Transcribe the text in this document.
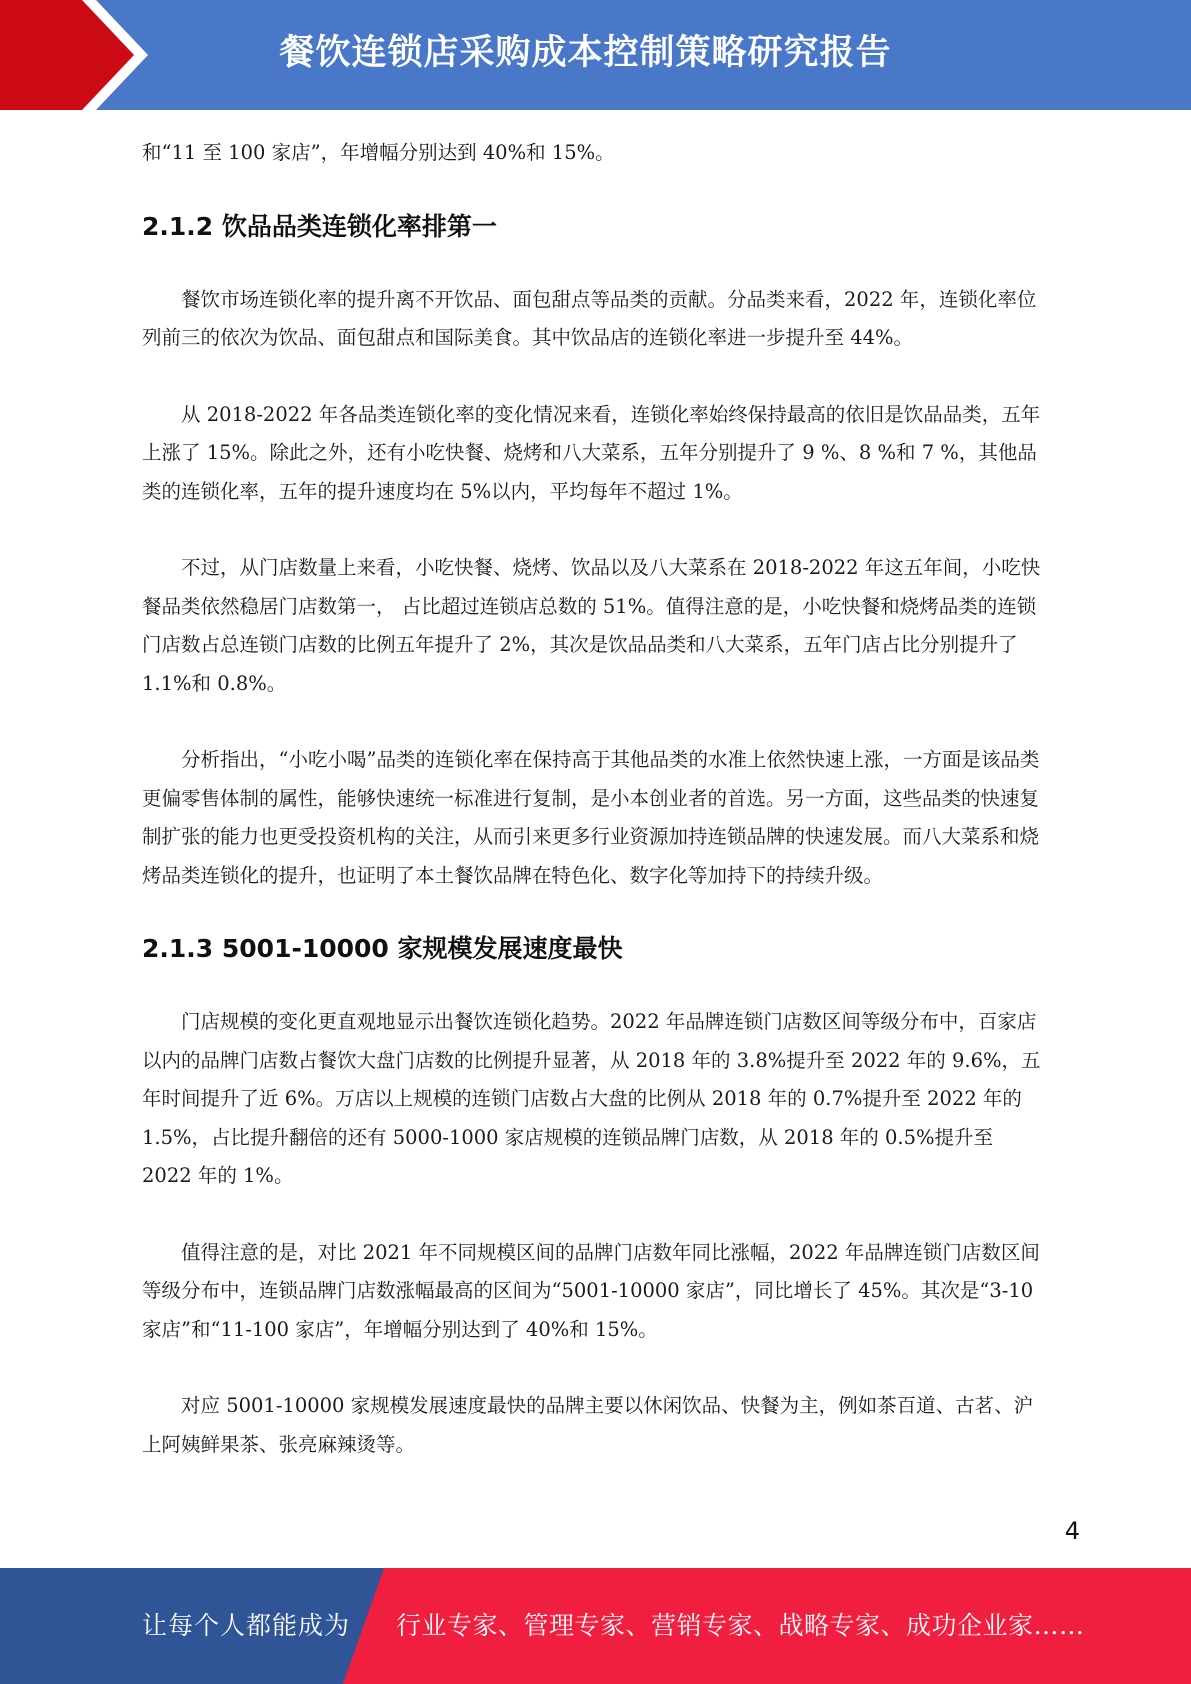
餐饮连锁店采购成本控制策略研究报告

和“11 至 100 家店”，年增幅分别达到 40%和 15%。

2.1.2 饮品品类连锁化率排第一

餐饮市场连锁化率的提升离不开饮品、面包甜点等品类的贡献。分品类来看，2022 年，连锁化率位列前三的依次为饮品、面包甜点和国际美食。其中饮品店的连锁化率进一步提升至 44%。

从 2018-2022 年各品类连锁化率的变化情况来看，连锁化率始终保持最高的依旧是饮品品类，五年上涨了 15%。除此之外，还有小吃快餐、烧烤和八大菜系，五年分别提升了 9 %、8 %和 7 %，其他品类的连锁化率，五年的提升速度均在 5%以内，平均每年不超过 1%。

不过，从门店数量上来看，小吃快餐、烧烤、饮品以及八大菜系在 2018-2022 年这五年间，小吃快餐品类依然稳居门店数第一， 占比超过连锁店总数的 51%。值得注意的是，小吃快餐和烧烤品类的连锁门店数占总连锁门店数的比例五年提升了 2%，其次是饮品品类和八大菜系，五年门店占比分别提升了 1.1%和 0.8%。

分析指出，“小吃小喝”品类的连锁化率在保持高于其他品类的水准上依然快速上涨，一方面是该品类更偏零售体制的属性，能够快速统一标准进行复制，是小本创业者的首选。另一方面，这些品类的快速复制扩张的能力也更受投资机构的关注，从而引来更多行业资源加持连锁品牌的快速发展。而八大菜系和烧烤品类连锁化的提升，也证明了本土餐饮品牌在特色化、数字化等加持下的持续升级。

2.1.3 5001-10000 家规模发展速度最快

门店规模的变化更直观地显示出餐饮连锁化趋势。2022 年品牌连锁门店数区间等级分布中，百家店以内的品牌门店数占餐饮大盘门店数的比例提升显著，从 2018 年的 3.8%提升至 2022 年的 9.6%，五年时间提升了近 6%。万店以上规模的连锁门店数占大盘的比例从 2018 年的 0.7%提升至 2022 年的 1.5%，占比提升翻倍的还有 5000-1000 家店规模的连锁品牌门店数，从 2018 年的 0.5%提升至 2022 年的 1%。

值得注意的是，对比 2021 年不同规模区间的品牌门店数年同比涨幅，2022 年品牌连锁门店数区间等级分布中，连锁品牌门店数涨幅最高的区间为“5001-10000 家店”，同比增长了 45%。其次是“3-10 家店”和“11-100 家店”，年增幅分别达到了 40%和 15%。

对应 5001-10000 家规模发展速度最快的品牌主要以休闲饮品、快餐为主，例如茶百道、古茗、沪上阿姨鲜果茶、张亮麻辣烫等。

4
让每个人都能成为 行业专家、管理专家、营销专家、战略专家、成功企业家……
